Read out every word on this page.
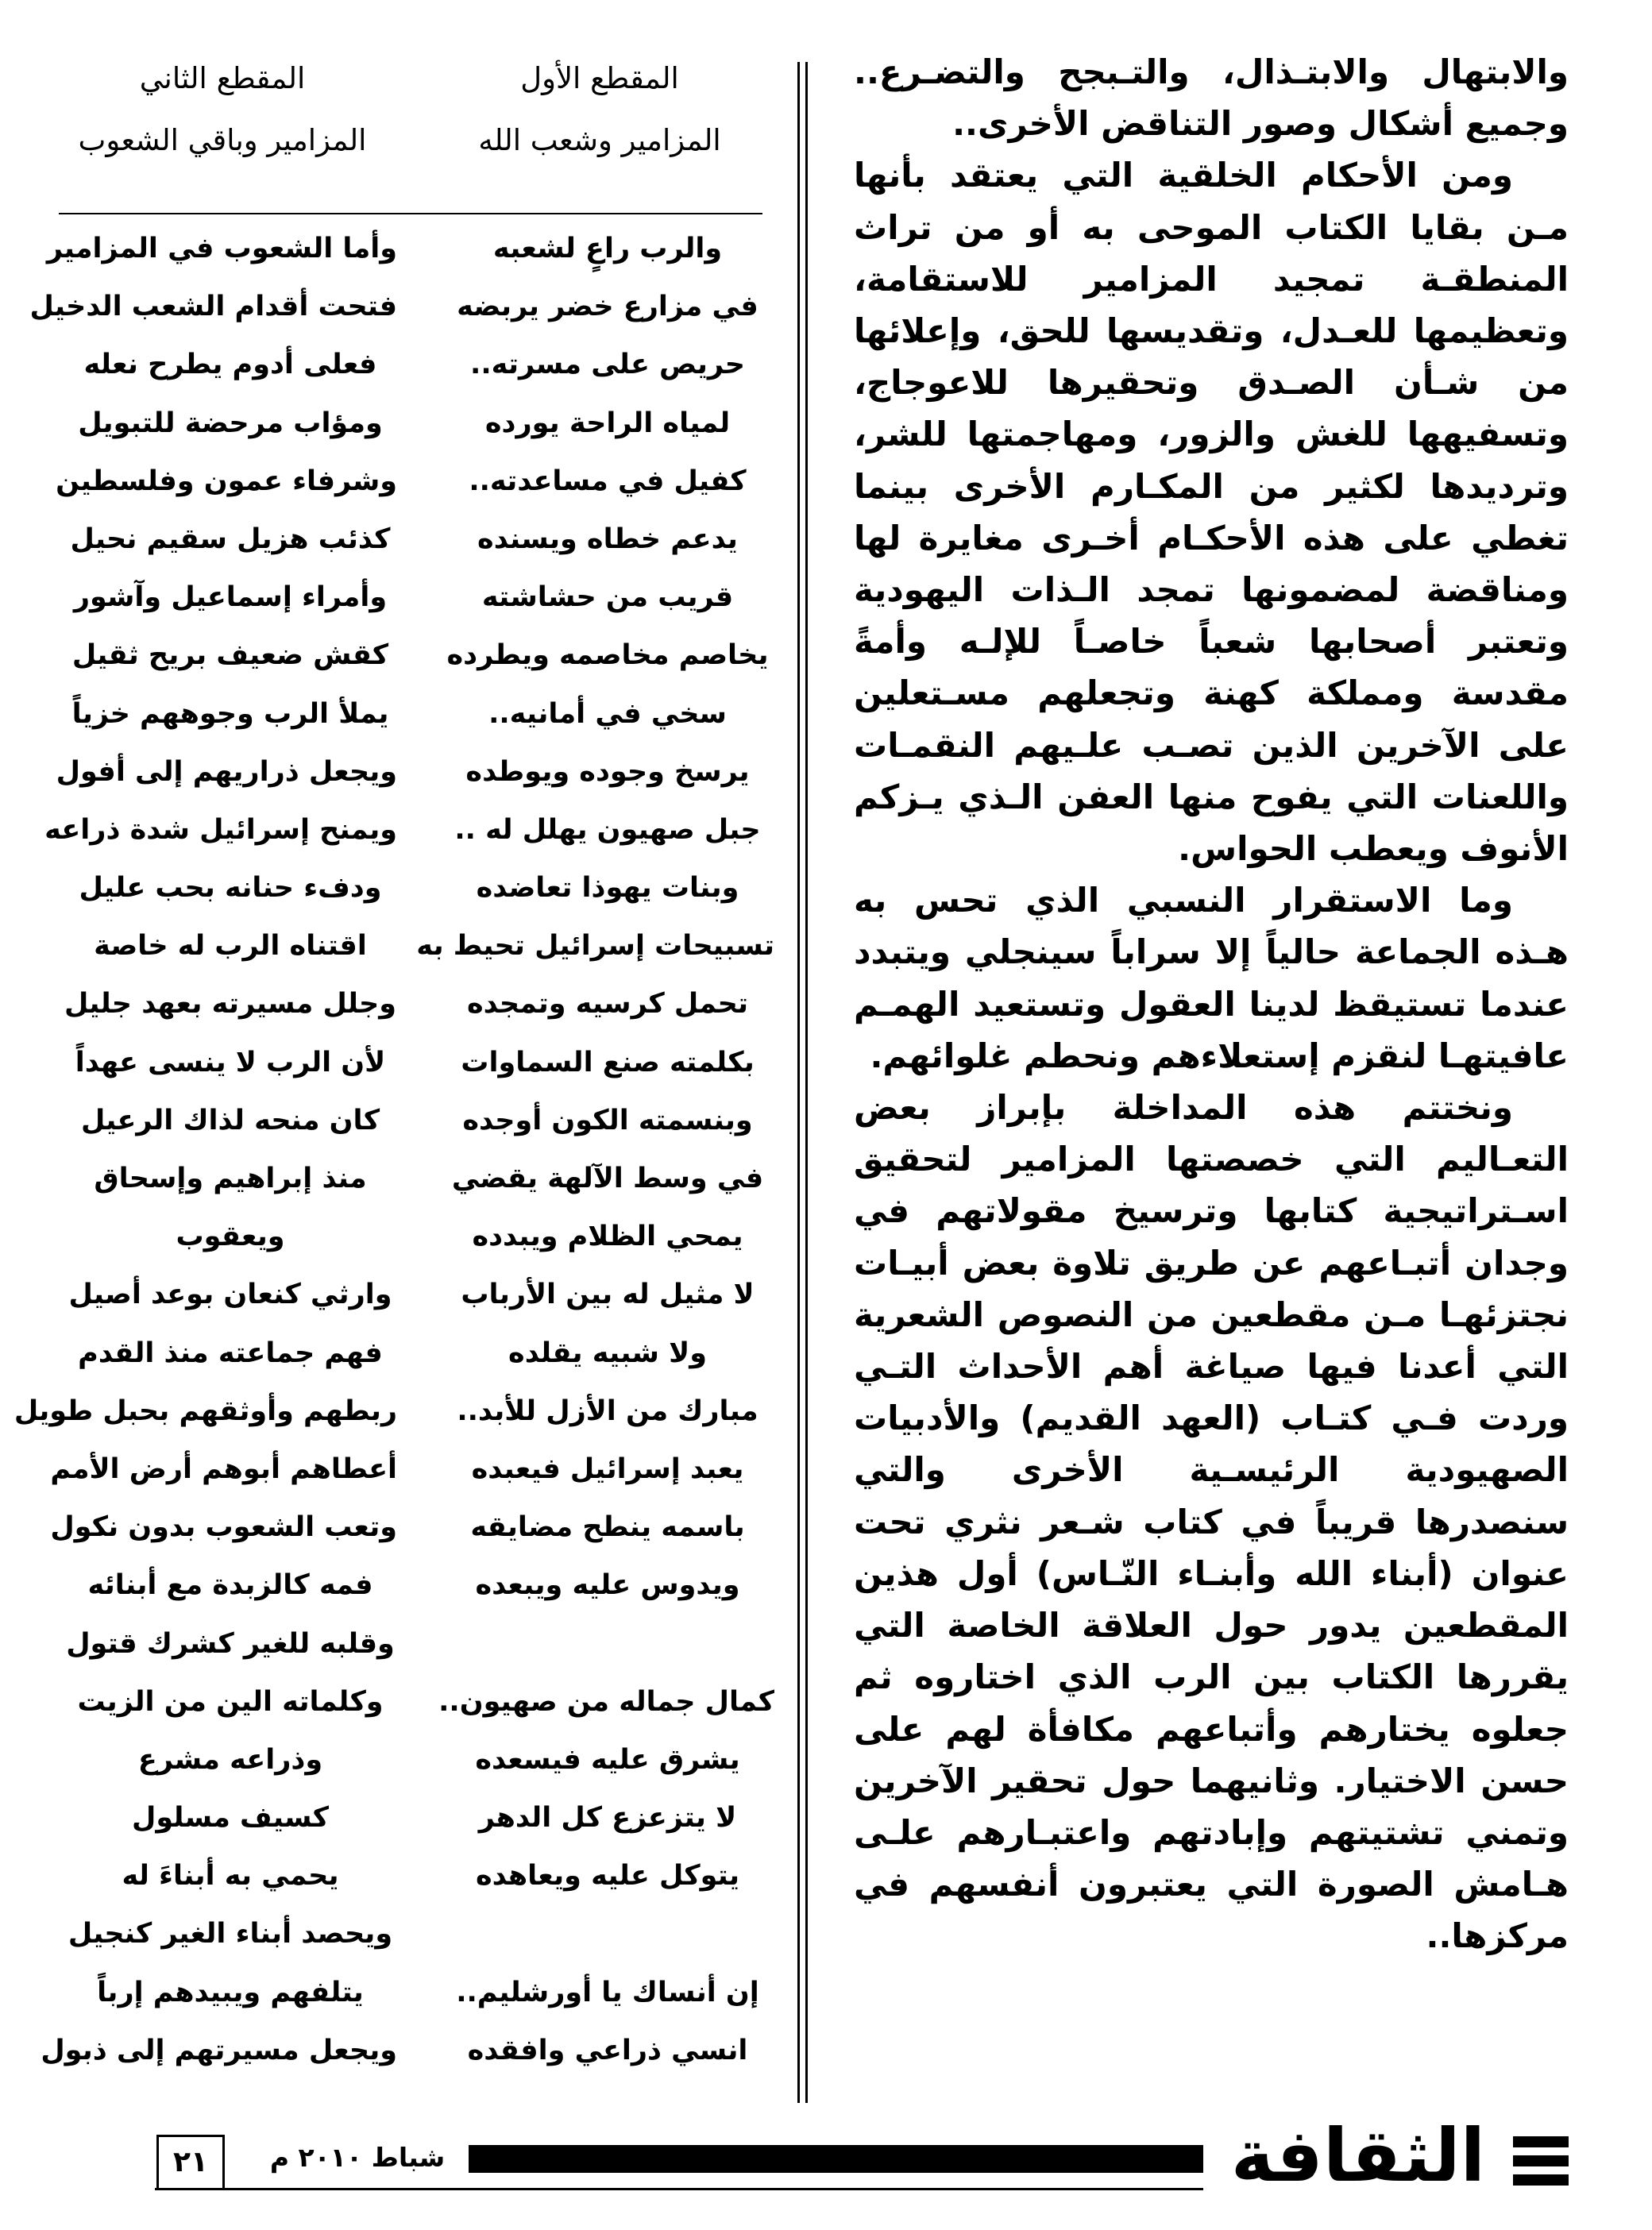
والابتهال والابتـذال، والتـبجح والتضـرع.. وجميع أشكال وصور التناقض الأخرى..

ومن الأحكام الخلقية التي يعتقد بأنها مـن بقايا الكتاب الموحى به أو من تراث المنطقـة تمجيد المزامير للاستقامة، وتعظيمها للعـدل، وتقديسها للحق، وإعلائها من شـأن الصـدق وتحقيرها للاعوجاج، وتسفيهها للغش والزور، ومهاجمتها للشر، وترديدها لكثير من المكـارم الأخرى بينما تغطي على هذه الأحكـام أخـرى مغايرة لها ومناقضة لمضمونها تمجد الـذات اليهودية وتعتبر أصحابها شعباً خاصـاً للإلـه وأمةً مقدسة ومملكة كهنة وتجعلهم مسـتعلين على الآخرين الذين تصـب علـيهم النقمـات واللعنات التي يفوح منها العفن الـذي يـزكم الأنوف ويعطب الحواس.

وما الاستقرار النسبي الذي تحس به هـذه الجماعة حالياً إلا سراباً سينجلي ويتبدد عندما تستيقظ لدينا العقول وتستعيد الهمـم عافيتهـا لنقزم إستعلاءهم ونحطم غلوائهم.

ونختتم هذه المداخلة بإبراز بعض التعـاليم التي خصصتها المزامير لتحقيق اسـتراتيجية كتابها وترسيخ مقولاتهم في وجدان أتبـاعهم عن طريق تلاوة بعض أبيـات نجتزئهـا مـن مقطعين من النصوص الشعرية التي أعدنا فيها صياغة أهم الأحداث التـي وردت فـي كتـاب (العهد القديم) والأدبيات الصهيودية الرئيسـية الأخرى والتي سنصدرها قريباً في كتاب شـعر نثري تحت عنوان (أبناء الله وأبنـاء النّـاس) أول هذين المقطعين يدور حول العلاقة الخاصة التي يقررها الكتاب بين الرب الذي اختاروه ثم جعلوه يختارهم وأتباعهم مكافأة لهم على حسن الاختيار. وثانيهما حول تحقير الآخرين وتمني تشتيتهم وإبادتهم واعتبـارهم علـى هـامش الصورة التي يعتبرون أنفسهم في مركزها..

المقطع الأول
المزامير وشعب الله
المقطع الثاني
المزامير وباقي الشعوب
والرب راعٍ لشعبه
في مزارع خضر يربضه
حريص على مسرته..
لمياه الراحة يورده
كفيل في مساعدته..
يدعم خطاه ويسنده
قريب من حشاشته
يخاصم مخاصمه ويطرده
سخي في أمانيه..
يرسخ وجوده ويوطده
جبل صهيون يهلل له ..
وبنات يهوذا تعاضده
تسبيحات إسرائيل تحيط به
تحمل كرسيه وتمجده
بكلمته صنع السماوات
وبنسمته الكون أوجده
في وسط الآلهة يقضي
يمحي الظلام ويبدده
لا مثيل له بين الأرباب
ولا شبيه يقلده
مبارك من الأزل للأبد..
يعبد إسرائيل فيعبده
باسمه ينطح مضايقه
ويدوس عليه ويبعده
كمال جماله من صهيون..
يشرق عليه فيسعده
لا يتزعزع كل الدهر
يتوكل عليه ويعاهده
إن أنساك يا أورشليم..
انسي ذراعي وافقده
وأما الشعوب في المزامير
فتحت أقدام الشعب الدخيل
فعلى أدوم يطرح نعله
ومؤاب مرحضة للتبويل
وشرفاء عمون وفلسطين
كذئب هزيل سقيم نحيل
وأمراء إسماعيل وآشور
كقش ضعيف بريح ثقيل
يملأ الرب وجوههم خزياً
ويجعل ذراريهم إلى أفول
ويمنح إسرائيل شدة ذراعه
ودفء حنانه بحب عليل
اقتناه الرب له خاصة
وجلل مسيرته بعهد جليل
لأن الرب لا ينسى عهداً
كان منحه لذاك الرعيل
منذ إبراهيم وإسحاق
ويعقوب
وارثي كنعان بوعد أصيل
فهم جماعته منذ القدم
ربطهم وأوثقهم بحبل طويل
أعطاهم أبوهم أرض الأمم
وتعب الشعوب بدون نكول
فمه كالزبدة مع أبنائه
وقلبه للغير كشرك قتول
وكلماته الين من الزيت
وذراعه مشرع
كسيف مسلول
يحمي به أبناءَ له
ويحصد أبناء الغير كنجيل
يتلفهم ويبيدهم إرباً
ويجعل مسيرتهم إلى ذبول
شباط ٢٠١٠ م
٢١	الثقافة
